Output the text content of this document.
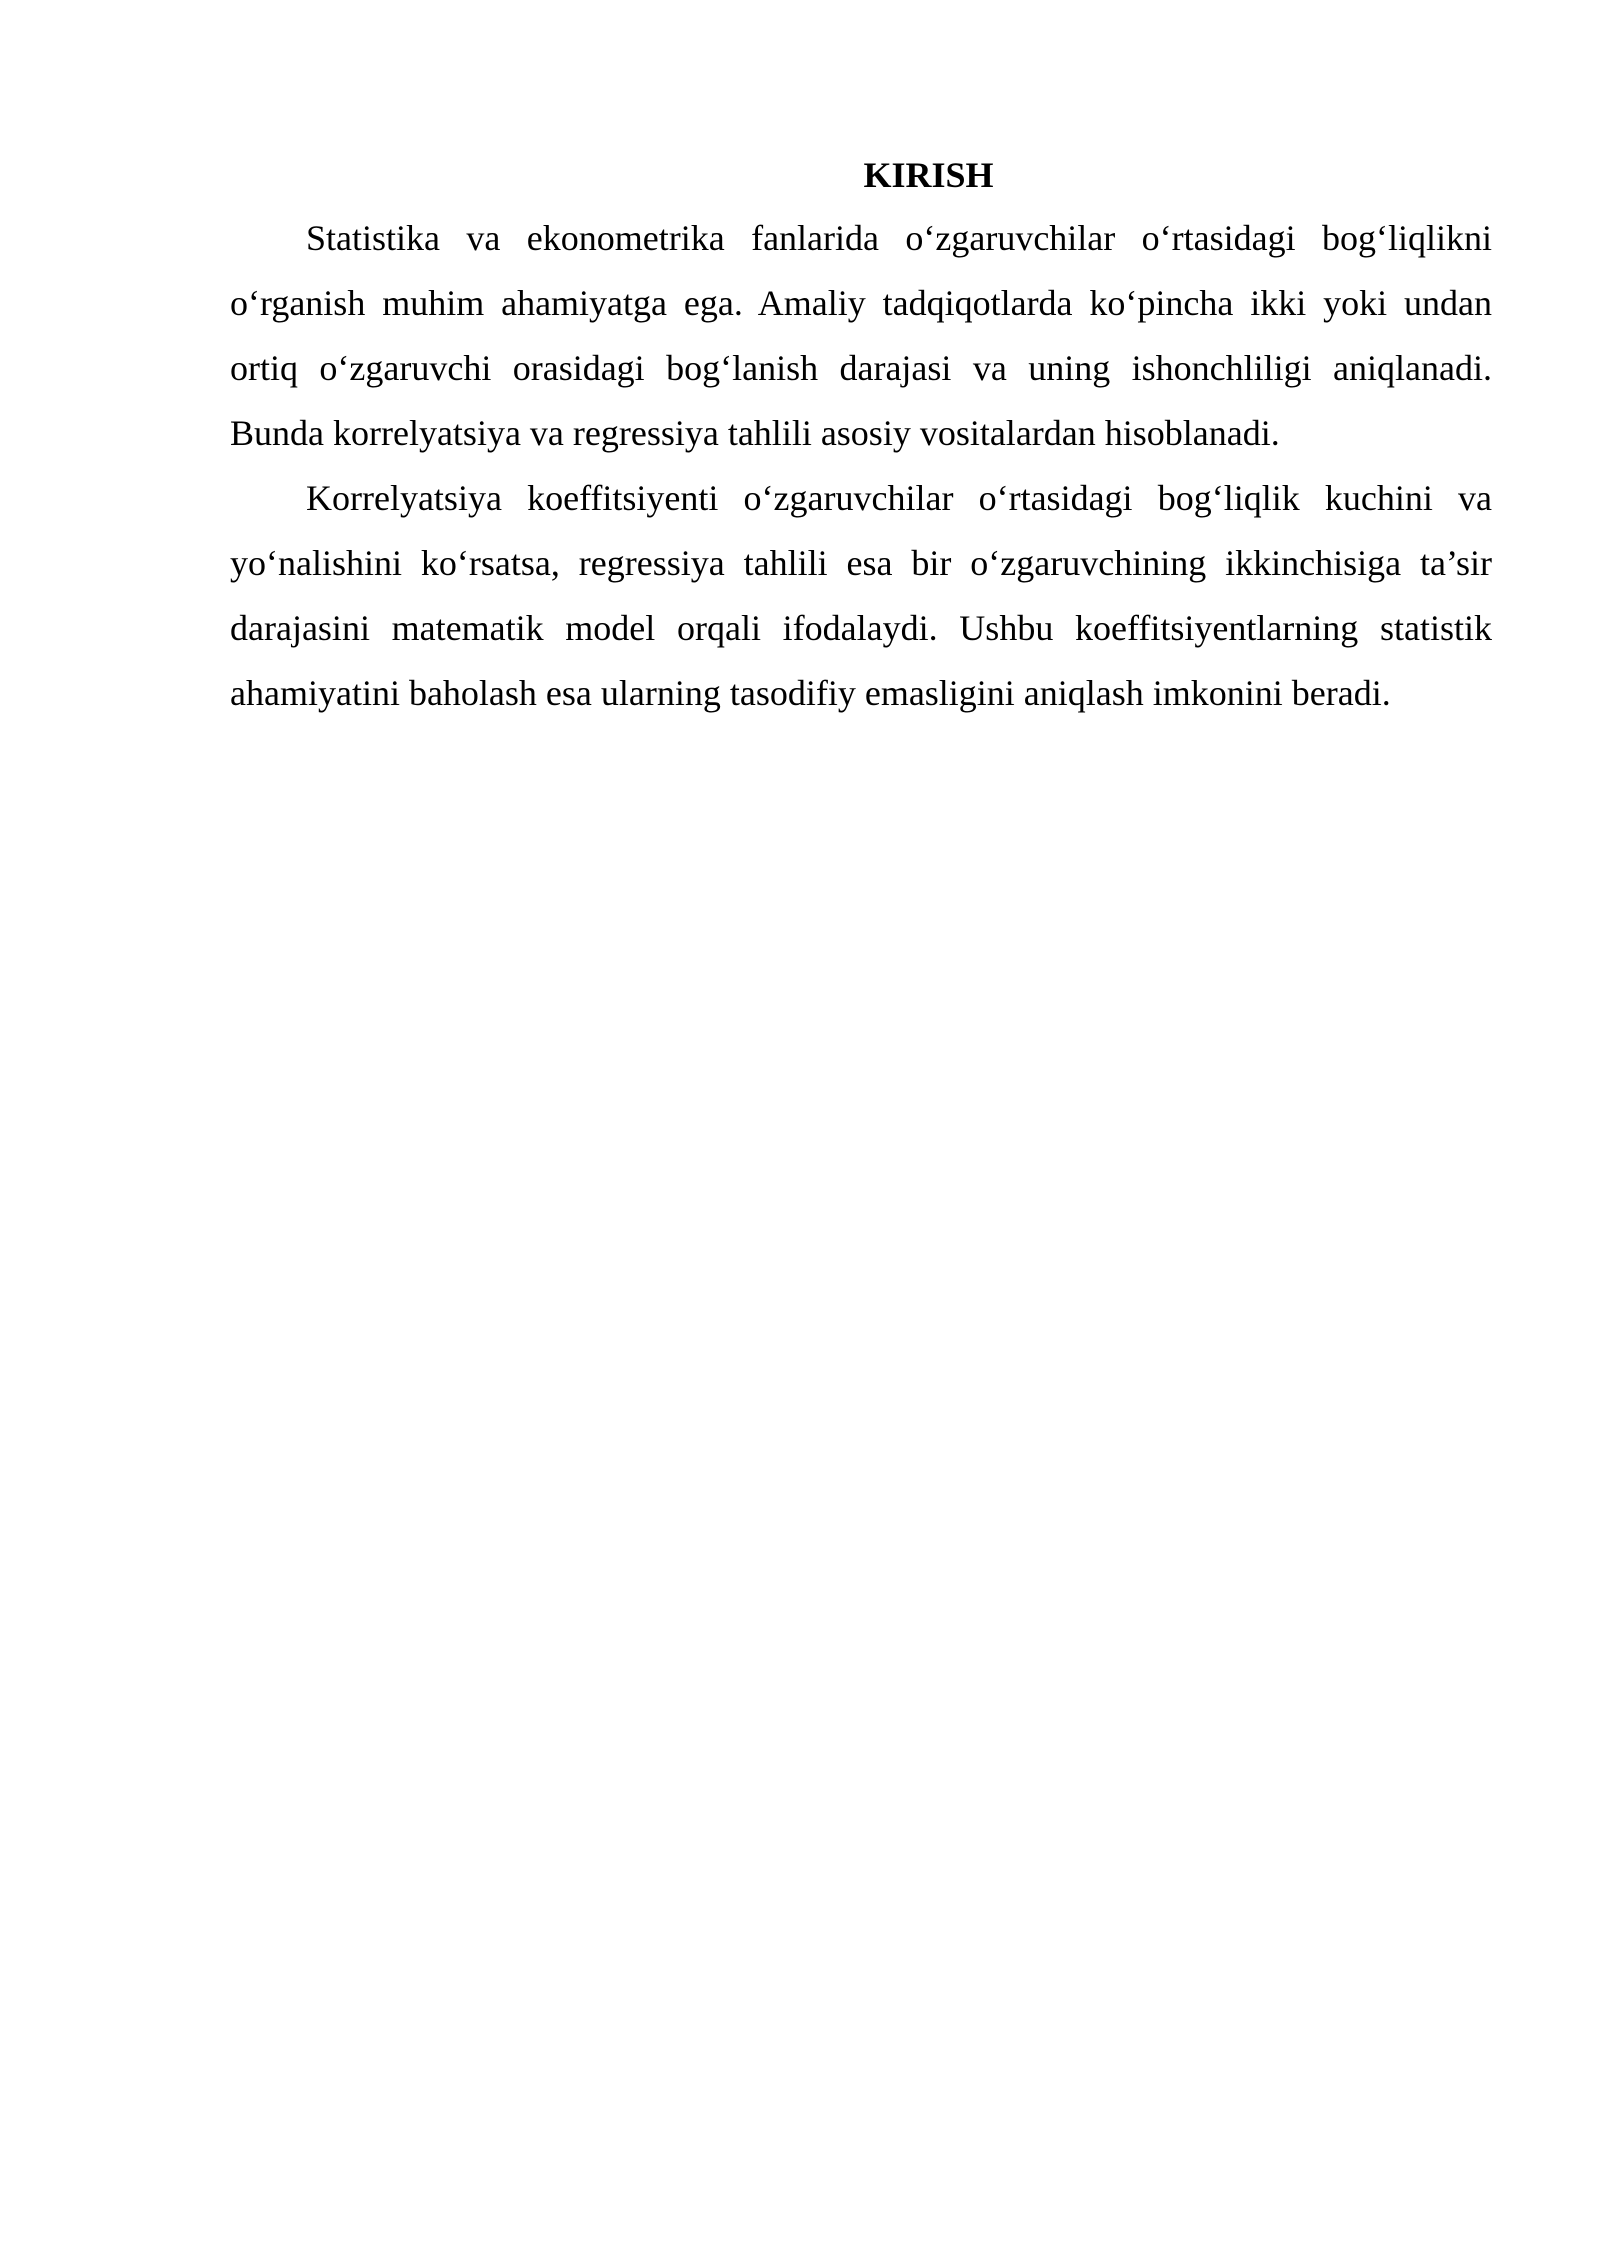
KIRISH

Statistika va ekonometrika fanlarida o‘zgaruvchilar o‘rtasidagi bog‘liqlikni o‘rganish muhim ahamiyatga ega. Amaliy tadqiqotlarda ko‘pincha ikki yoki undan ortiq o‘zgaruvchi orasidagi bog‘lanish darajasi va uning ishonchliligi aniqlanadi. Bunda korrelyatsiya va regressiya tahlili asosiy vositalardan hisoblanadi.

Korrelyatsiya koeffitsiyenti o‘zgaruvchilar o‘rtasidagi bog‘liqlik kuchini va yo‘nalishini ko‘rsatsa, regressiya tahlili esa bir o‘zgaruvchining ikkinchisiga ta’sir darajasini matematik model orqali ifodalaydi. Ushbu koeffitsiyentlarning statistik ahamiyatini baholash esa ularning tasodifiy emasligini aniqlash imkonini beradi.
